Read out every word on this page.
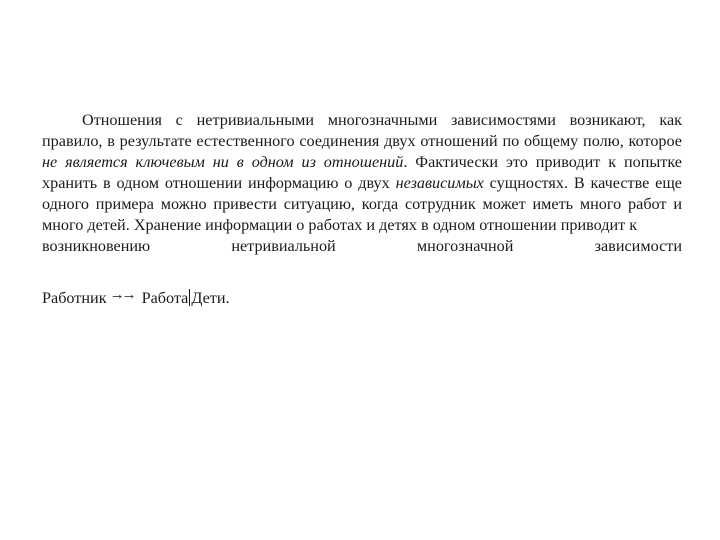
Отношения с нетривиальными многозначными зависимостями возникают, как правило, в результате естественного соединения двух отношений по общему полю, которое не является ключевым ни в одном из отношений. Фактически это приводит к попытке хранить в одном отношении информацию о двух независимых сущностях. В качестве еще одного примера можно привести ситуацию, когда сотрудник может иметь много работ и много детей. Хранение информации о работах и детях в одном отношении приводит к
возникновению нетривиальной многозначной зависимости
Работник →→ Работа Дети.
